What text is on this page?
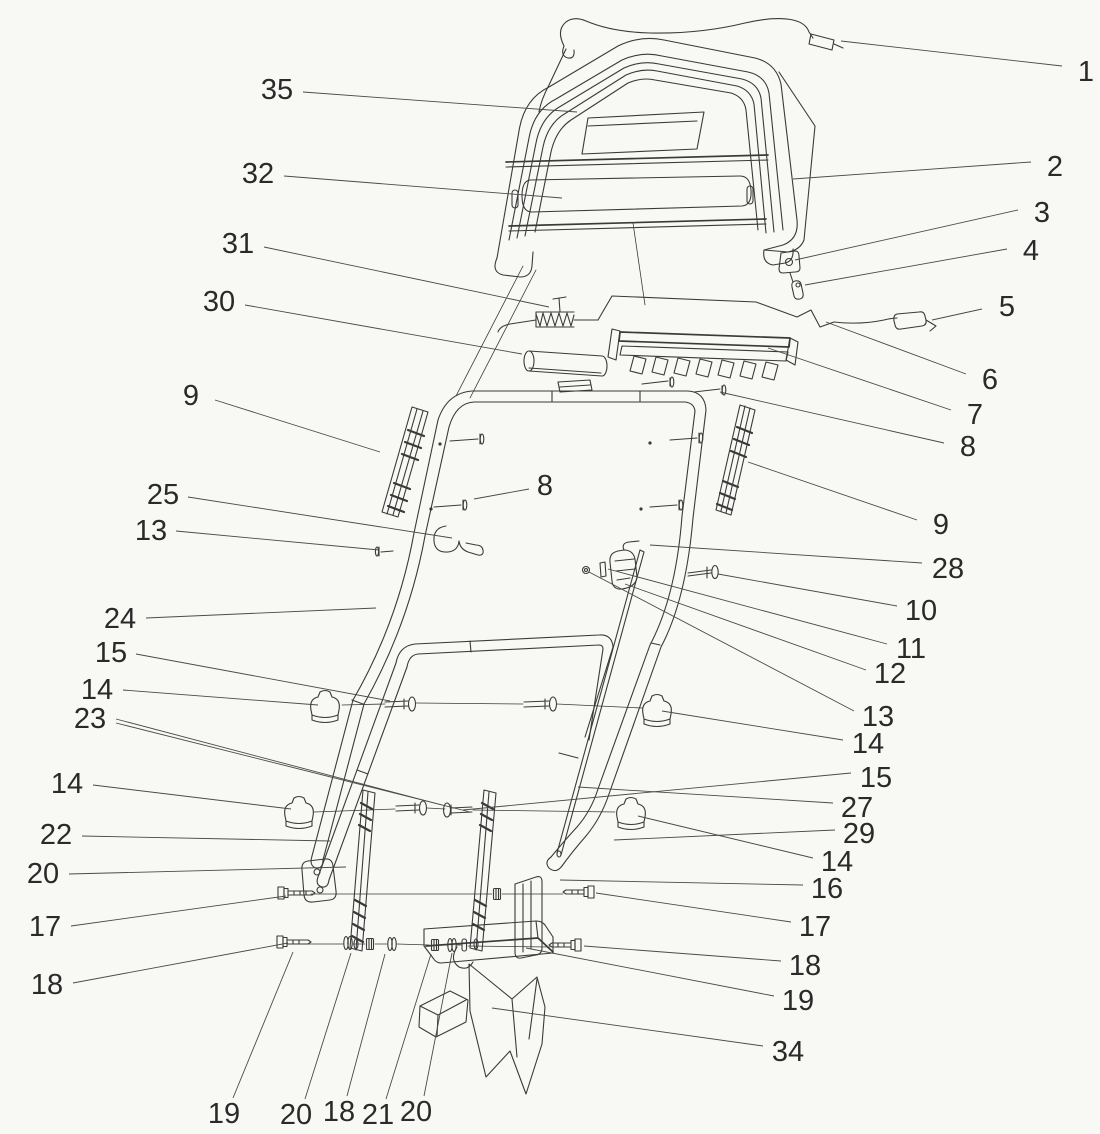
35
32
31
30
9
25
13
24
15
14
23
14
22
20
17
18
19 20 18 21 20
8
1
2
3
4
5
6
7
8
9
28
10
11
12
13
14
15
27
29
14
16
17
18
19
34
